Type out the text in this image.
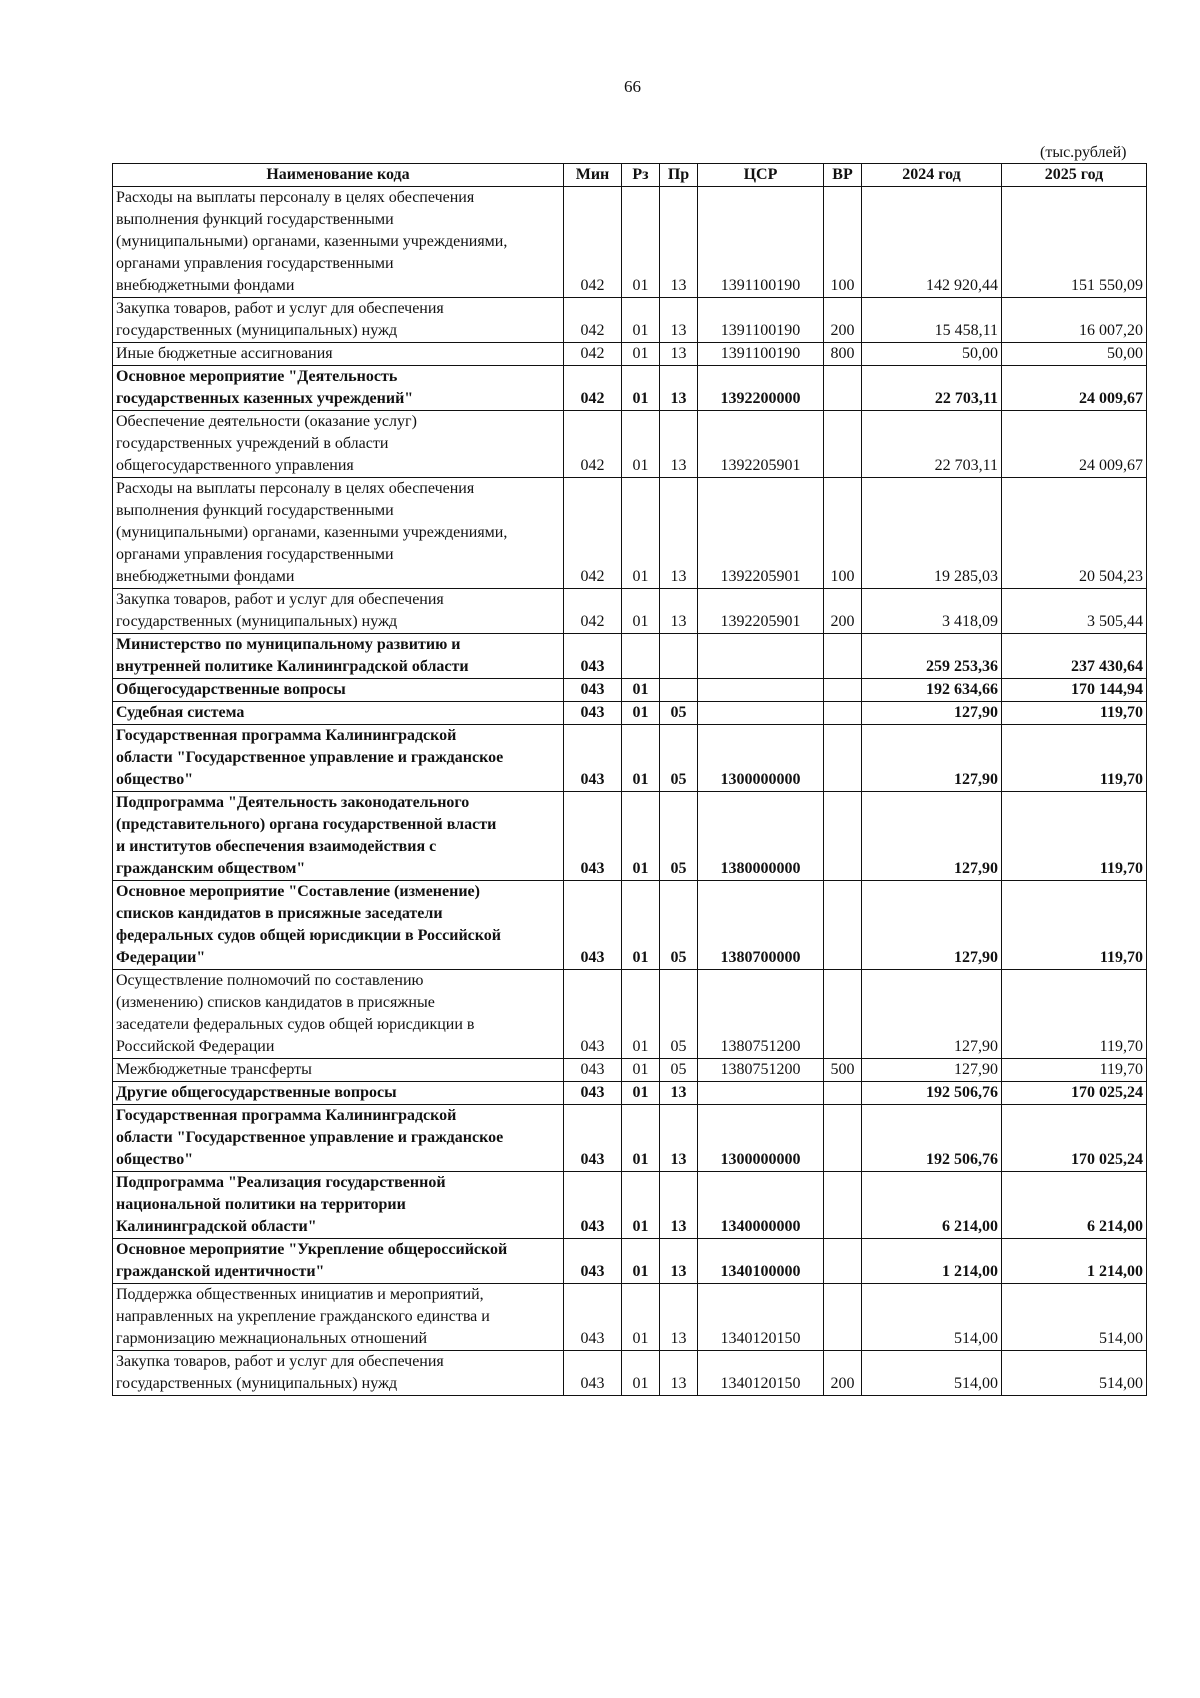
66
(тыс.рублей)
Наименование кода	Мин	Рз	Пр	ЦСР	ВР	2024 год	2025 год
Расходы на выплаты персоналу в целях обеспечения
выполнения функций государственными
(муниципальными) органами, казенными учреждениями,
органами управления государственными
внебюджетными фондами	042	01	13	1391100190	100	142 920,44	151 550,09
Закупка товаров, работ и услуг для обеспечения
государственных (муниципальных) нужд	042	01	13	1391100190	200	15 458,11	16 007,20
Иные бюджетные ассигнования	042	01	13	1391100190	800	50,00	50,00
Основное мероприятие "Деятельность
государственных казенных учреждений"	042	01	13	1392200000		22 703,11	24 009,67
Обеспечение деятельности (оказание услуг)
государственных учреждений в области
общегосударственного управления	042	01	13	1392205901		22 703,11	24 009,67
Расходы на выплаты персоналу в целях обеспечения
выполнения функций государственными
(муниципальными) органами, казенными учреждениями,
органами управления государственными
внебюджетными фондами	042	01	13	1392205901	100	19 285,03	20 504,23
Закупка товаров, работ и услуг для обеспечения
государственных (муниципальных) нужд	042	01	13	1392205901	200	3 418,09	3 505,44
Министерство по муниципальному развитию и
внутренней политике Калининградской области	043					259 253,36	237 430,64
Общегосударственные вопросы	043	01				192 634,66	170 144,94
Судебная система	043	01	05			127,90	119,70
Государственная программа Калининградской
области "Государственное управление и гражданское
общество"	043	01	05	1300000000		127,90	119,70
Подпрограмма "Деятельность законодательного
(представительного) органа государственной власти
и институтов обеспечения взаимодействия с
гражданским обществом"	043	01	05	1380000000		127,90	119,70
Основное мероприятие "Составление (изменение)
списков кандидатов в присяжные заседатели
федеральных судов общей юрисдикции в Российской
Федерации"	043	01	05	1380700000		127,90	119,70
Осуществление полномочий по составлению
(изменению) списков кандидатов в присяжные
заседатели федеральных судов общей юрисдикции в
Российской Федерации	043	01	05	1380751200		127,90	119,70
Межбюджетные трансферты	043	01	05	1380751200	500	127,90	119,70
Другие общегосударственные вопросы	043	01	13			192 506,76	170 025,24
Государственная программа Калининградской
области "Государственное управление и гражданское
общество"	043	01	13	1300000000		192 506,76	170 025,24
Подпрограмма "Реализация государственной
национальной политики на территории
Калининградской области"	043	01	13	1340000000		6 214,00	6 214,00
Основное мероприятие "Укрепление общероссийской
гражданской идентичности"	043	01	13	1340100000		1 214,00	1 214,00
Поддержка общественных инициатив и мероприятий,
направленных на укрепление гражданского единства и
гармонизацию межнациональных отношений	043	01	13	1340120150		514,00	514,00
Закупка товаров, работ и услуг для обеспечения
государственных (муниципальных) нужд	043	01	13	1340120150	200	514,00	514,00
